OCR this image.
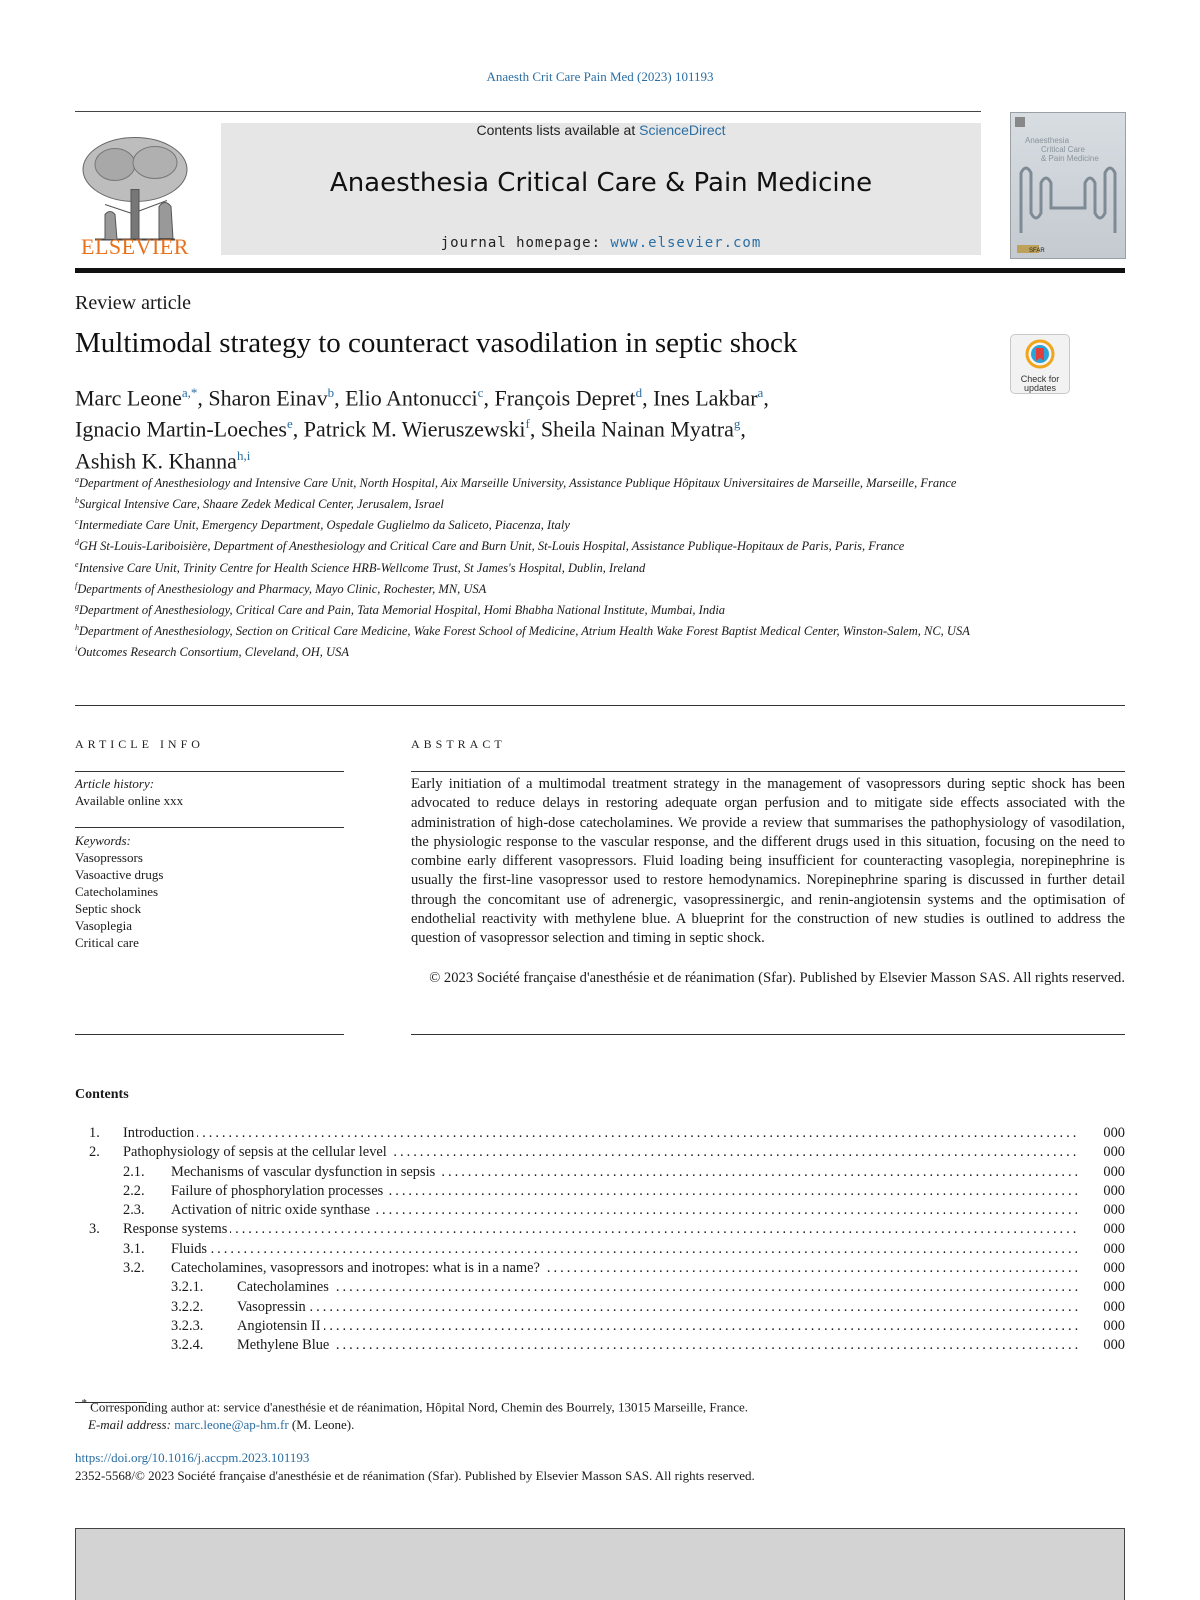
Anaesth Crit Care Pain Med (2023) 101193
ELSEVIER
Contents lists available at ScienceDirect
Anaesthesia Critical Care & Pain Medicine
journal homepage: www.elsevier.com
Anaesthesia Critical Care & Pain Medicine
SFAR
Review article
Multimodal strategy to counteract vasodilation in septic shock
Check for updates
Marc Leone$^{a,*}$, Sharon Einav$^b$, Elio Antonucci$^c$, François Depret$^d$, Ines Lakbar$^a$,
Ignacio Martin-Loeches$^e$, Patrick M. Wieruszewski$^f$, Sheila Nainan Myatra$^g$,
Ashish K. Khanna$^{h,i}$
$^a$Department of Anesthesiology and Intensive Care Unit, North Hospital, Aix Marseille University, Assistance Publique Hôpitaux Universitaires de Marseille, Marseille, France
$^b$Surgical Intensive Care, Shaare Zedek Medical Center, Jerusalem, Israel
$^c$Intermediate Care Unit, Emergency Department, Ospedale Guglielmo da Saliceto, Piacenza, Italy
$^d$GH St-Louis-Lariboisière, Department of Anesthesiology and Critical Care and Burn Unit, St-Louis Hospital, Assistance Publique-Hopitaux de Paris, Paris, France
$^e$Intensive Care Unit, Trinity Centre for Health Science HRB-Wellcome Trust, St James's Hospital, Dublin, Ireland
$^f$Departments of Anesthesiology and Pharmacy, Mayo Clinic, Rochester, MN, USA
$^g$Department of Anesthesiology, Critical Care and Pain, Tata Memorial Hospital, Homi Bhabha National Institute, Mumbai, India
$^h$Department of Anesthesiology, Section on Critical Care Medicine, Wake Forest School of Medicine, Atrium Health Wake Forest Baptist Medical Center, Winston-Salem, NC, USA
$^i$Outcomes Research Consortium, Cleveland, OH, USA
ARTICLE INFO	ABSTRACT
Article history:
Available online xxx
Keywords:
Vasopressors
Vasoactive drugs
Catecholamines
Septic shock
Vasoplegia
Critical care
Early initiation of a multimodal treatment strategy in the management of vasopressors during septic shock has been advocated to reduce delays in restoring adequate organ perfusion and to mitigate side effects associated with the administration of high-dose catecholamines. We provide a review that summarises the pathophysiology of vasodilation, the physiologic response to the vascular response, and the different drugs used in this situation, focusing on the need to combine early different vasopressors. Fluid loading being insufficient for counteracting vasoplegia, norepinephrine is usually the first-line vasopressor used to restore hemodynamics. Norepinephrine sparing is discussed in further detail through the concomitant use of adrenergic, vasopressinergic, and renin-angiotensin systems and the optimisation of endothelial reactivity with methylene blue. A blueprint for the construction of new studies is outlined to address the question of vasopressor selection and timing in septic shock.
© 2023 Société française d'anesthésie et de réanimation (Sfar). Published by Elsevier Masson SAS. All rights reserved.
Contents
1. Introduction . . .	000
2. Pathophysiology of sepsis at the cellular level . . .	000
2.1. Mechanisms of vascular dysfunction in sepsis . . .	000
2.2. Failure of phosphorylation processes . . .	000
2.3. Activation of nitric oxide synthase . . .	000
3. Response systems . . .	000
3.1. Fluids . . .	000
3.2. Catecholamines, vasopressors and inotropes: what is in a name? . . .	000
3.2.1. Catecholamines . . .	000
3.2.2. Vasopressin . . .	000
3.2.3. Angiotensin II . . .	000
3.2.4. Methylene Blue . . .	000
* Corresponding author at: service d'anesthésie et de réanimation, Hôpital Nord, Chemin des Bourrely, 13015 Marseille, France.
E-mail address: marc.leone@ap-hm.fr (M. Leone).
https://doi.org/10.1016/j.accpm.2023.101193
2352-5568/© 2023 Société française d'anesthésie et de réanimation (Sfar). Published by Elsevier Masson SAS. All rights reserved.
